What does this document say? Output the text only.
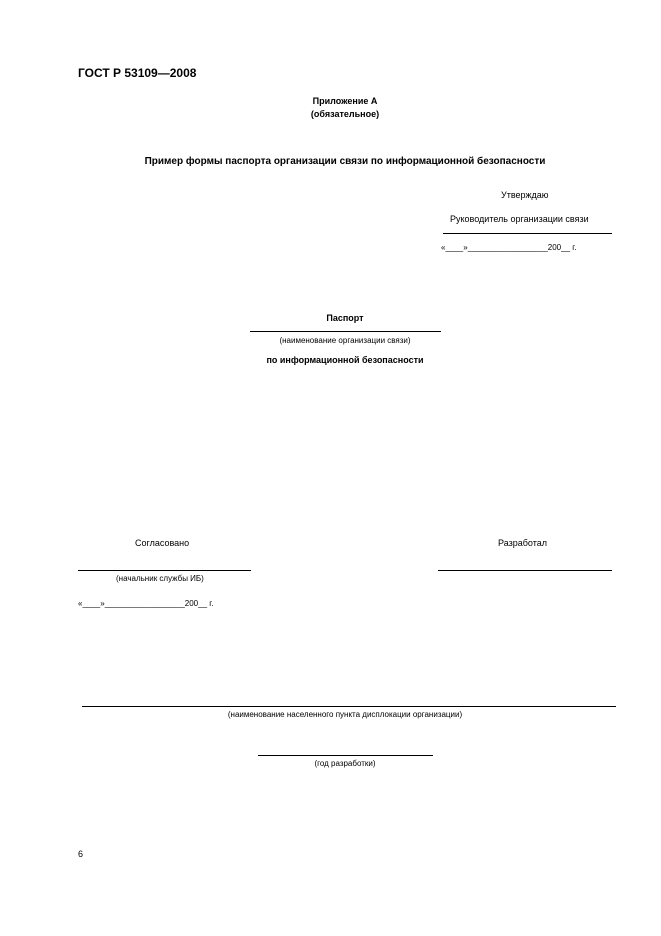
ГОСТ Р 53109—2008
Приложение А
(обязательное)
Пример формы паспорта организации связи по информационной безопасности
Утверждаю
Руководитель организации связи
«____»__________________200__ г.
Паспорт
(наименование организации связи)
по информационной безопасности
Согласовано
(начальник службы ИБ)
«____»__________________200__ г.
Разработал
(наименование населенного пункта дисплокации организации)
(год разработки)
6
